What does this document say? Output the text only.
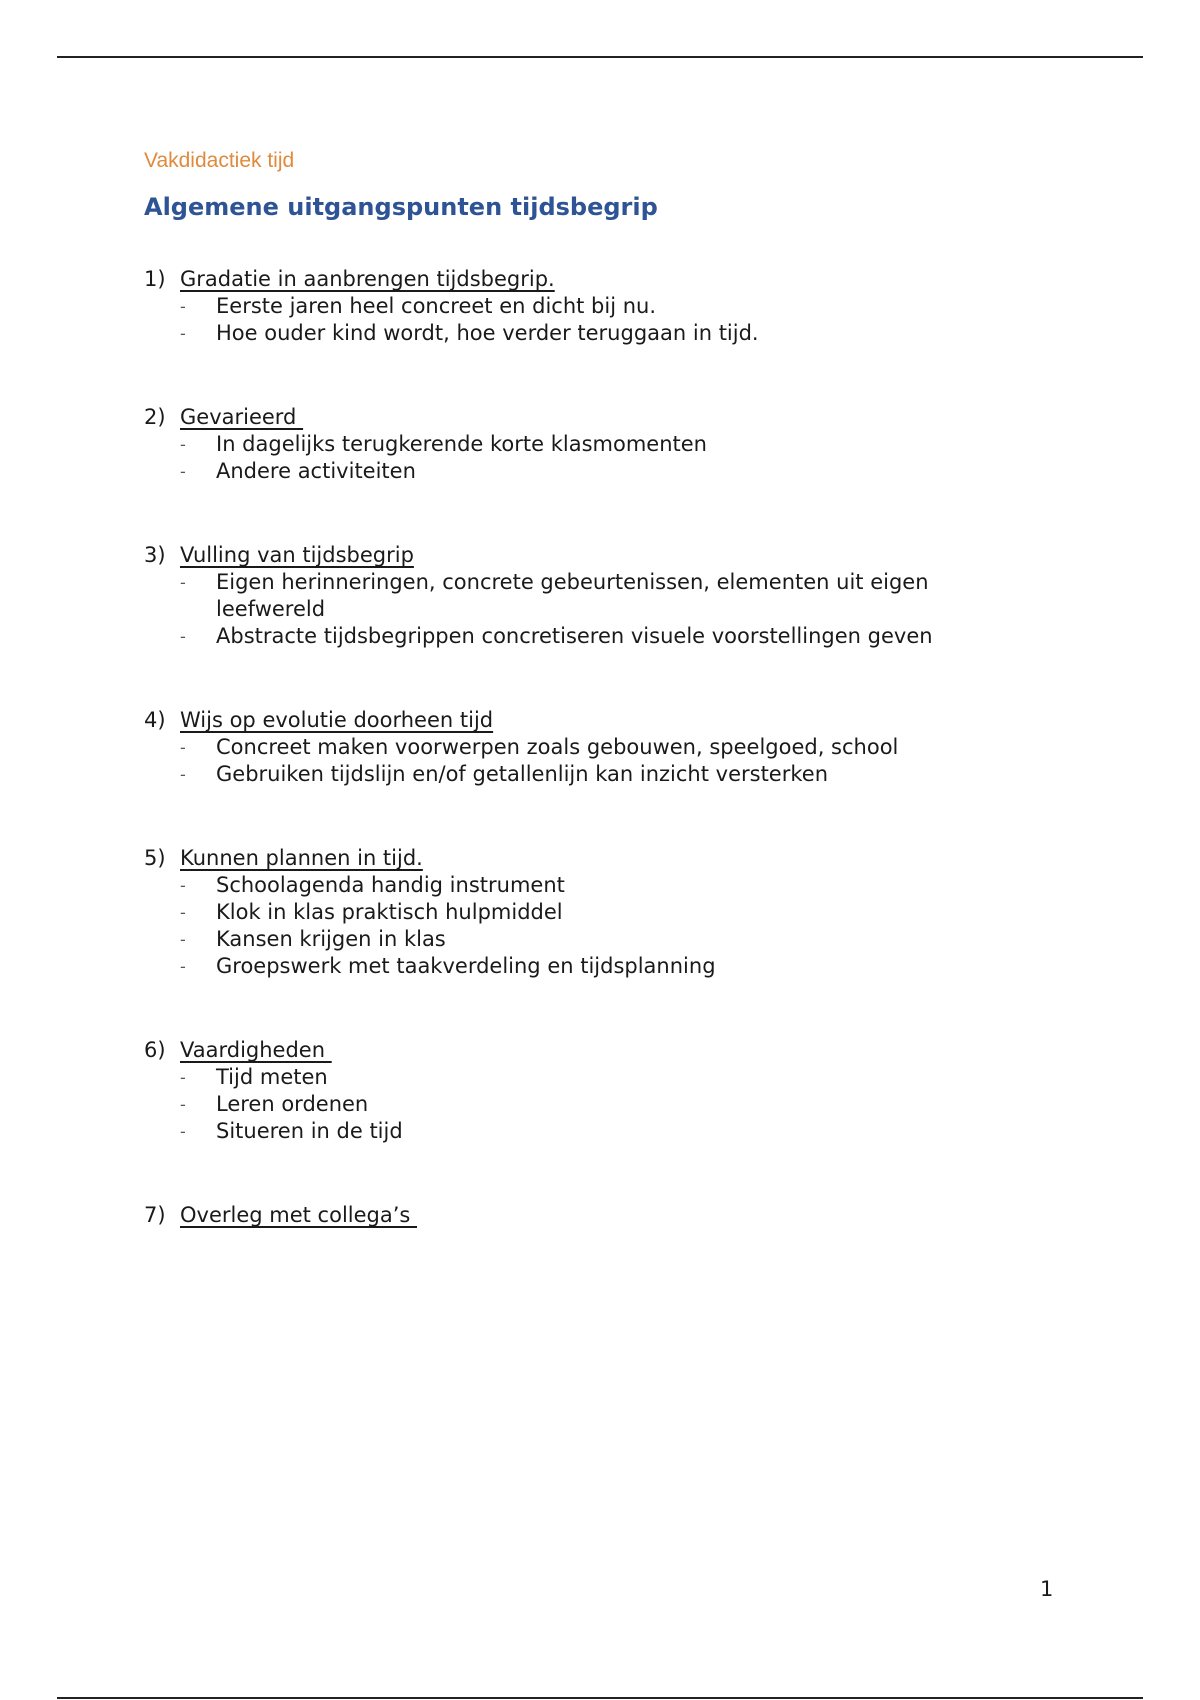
Vakdidactiek tijd

Algemene uitgangspunten tijdsbegrip
1) Gradatie in aanbrengen tijdsbegrip.
-	Eerste jaren heel concreet en dicht bij nu.
-	Hoe ouder kind wordt, hoe verder teruggaan in tijd.
2) Gevarieerd
-	In dagelijks terugkerende korte klasmomenten
-	Andere activiteiten
3) Vulling van tijdsbegrip
-	Eigen herinneringen, concrete gebeurtenissen, elementen uit eigen leefwereld
-	Abstracte tijdsbegrippen concretiseren visuele voorstellingen geven
4) Wijs op evolutie doorheen tijd
-	Concreet maken voorwerpen zoals gebouwen, speelgoed, school
-	Gebruiken tijdslijn en/of getallenlijn kan inzicht versterken
5) Kunnen plannen in tijd.
-	Schoolagenda handig instrument
-	Klok in klas praktisch hulpmiddel
-	Kansen krijgen in klas
-	Groepswerk met taakverdeling en tijdsplanning
6) Vaardigheden
-	Tijd meten
-	Leren ordenen
-	Situeren in de tijd
7) Overleg met collega’s
1
